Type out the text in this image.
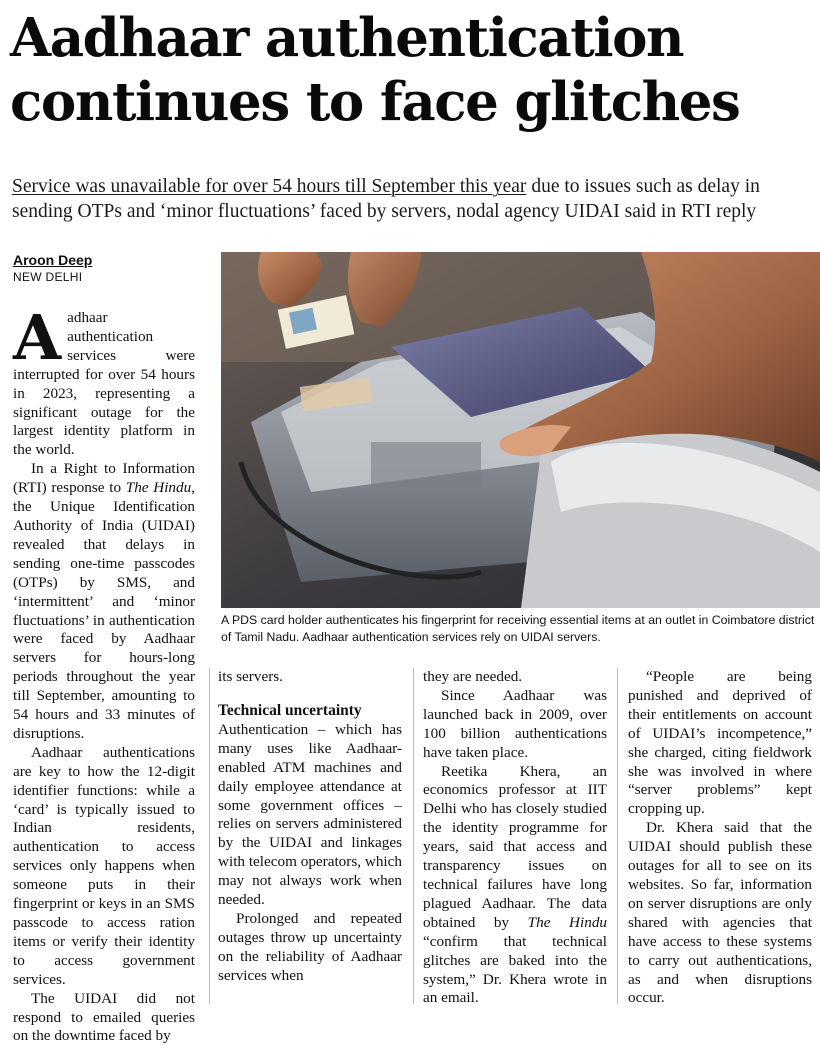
Aadhaar authentication continues to face glitches
Service was unavailable for over 54 hours till September this year due to issues such as delay in sending OTPs and ‘minor fluctuations’ faced by servers, nodal agency UIDAI said in RTI reply
Aroon Deep
NEW DELHI

Aadhaar authentication services were interrupted for over 54 hours in 2023, representing a significant outage for the largest identity platform in the world.

In a Right to Information (RTI) response to The Hindu, the Unique Identification Authority of India (UIDAI) revealed that delays in sending one-time passcodes (OTPs) by SMS, and ‘intermittent’ and ‘minor fluctuations’ in authentication were faced by Aadhaar servers for hours-long periods throughout the year till September, amounting to 54 hours and 33 minutes of disruptions.

Aadhaar authentications are key to how the 12-digit identifier functions: while a ‘card’ is typically issued to Indian residents, authentication to access services only happens when someone puts in their fingerprint or keys in an SMS passcode to access ration items or verify their identity to access government services.

The UIDAI did not respond to emailed queries on the downtime faced by

A PDS card holder authenticates his fingerprint for receiving essential items at an outlet in Coimbatore district of Tamil Nadu. Aadhaar authentication services rely on UIDAI servers.

its servers.

Technical uncertainty

Authentication – which has many uses like Aadhaar-enabled ATM machines and daily employee attendance at some government offices – relies on servers administered by the UIDAI and linkages with telecom operators, which may not always work when needed.

Prolonged and repeated outages throw up uncertainty on the reliability of Aadhaar services when

they are needed.

Since Aadhaar was launched back in 2009, over 100 billion authentications have taken place.

Reetika Khera, an economics professor at IIT Delhi who has closely studied the identity programme for years, said that access and transparency issues on technical failures have long plagued Aadhaar. The data obtained by The Hindu “confirm that technical glitches are baked into the system,” Dr. Khera wrote in an email.

“People are being punished and deprived of their entitlements on account of UIDAI’s incompetence,” she charged, citing fieldwork she was involved in where “server problems” kept cropping up.

Dr. Khera said that the UIDAI should publish these outages for all to see on its websites. So far, information on server disruptions are only shared with agencies that have access to these systems to carry out authentications, as and when disruptions occur.
